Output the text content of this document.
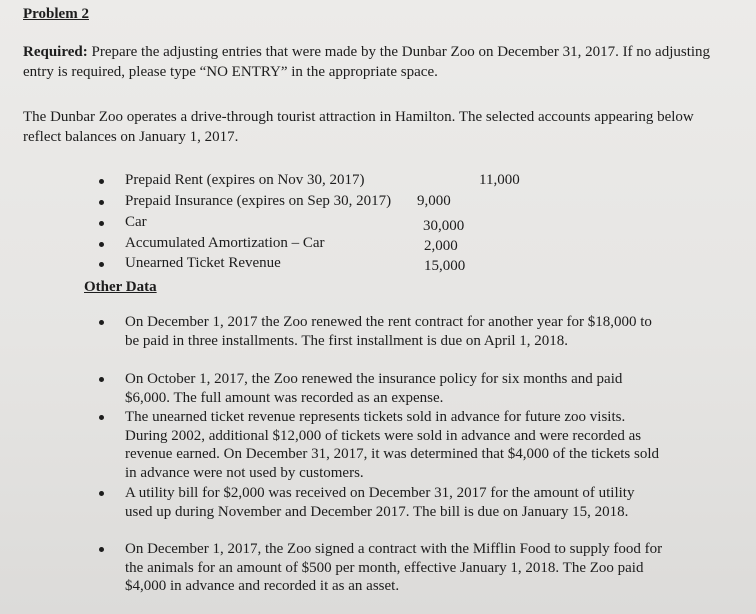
Problem 2
Required: Prepare the adjusting entries that were made by the Dunbar Zoo on December 31, 2017. If no adjusting entry is required, please type “NO ENTRY” in the appropriate space.
The Dunbar Zoo operates a drive-through tourist attraction in Hamilton. The selected accounts appearing below reflect balances on January 1, 2017.
Prepaid Rent (expires on Nov 30, 2017)	11,000
Prepaid Insurance (expires on Sep 30, 2017) 9,000
Car	30,000
Accumulated Amortization – Car	2,000
Unearned Ticket Revenue	15,000
Other Data
On December 1, 2017 the Zoo renewed the rent contract for another year for $18,000 to be paid in three installments. The first installment is due on April 1, 2018.
On October 1, 2017, the Zoo renewed the insurance policy for six months and paid $6,000. The full amount was recorded as an expense.
The unearned ticket revenue represents tickets sold in advance for future zoo visits. During 2002, additional $12,000 of tickets were sold in advance and were recorded as revenue earned. On December 31, 2017, it was determined that $4,000 of the tickets sold in advance were not used by customers.
A utility bill for $2,000 was received on December 31, 2017 for the amount of utility used up during November and December 2017. The bill is due on January 15, 2018.
On December 1, 2017, the Zoo signed a contract with the Mifflin Food to supply food for the animals for an amount of $500 per month, effective January 1, 2018. The Zoo paid $4,000 in advance and recorded it as an asset.
